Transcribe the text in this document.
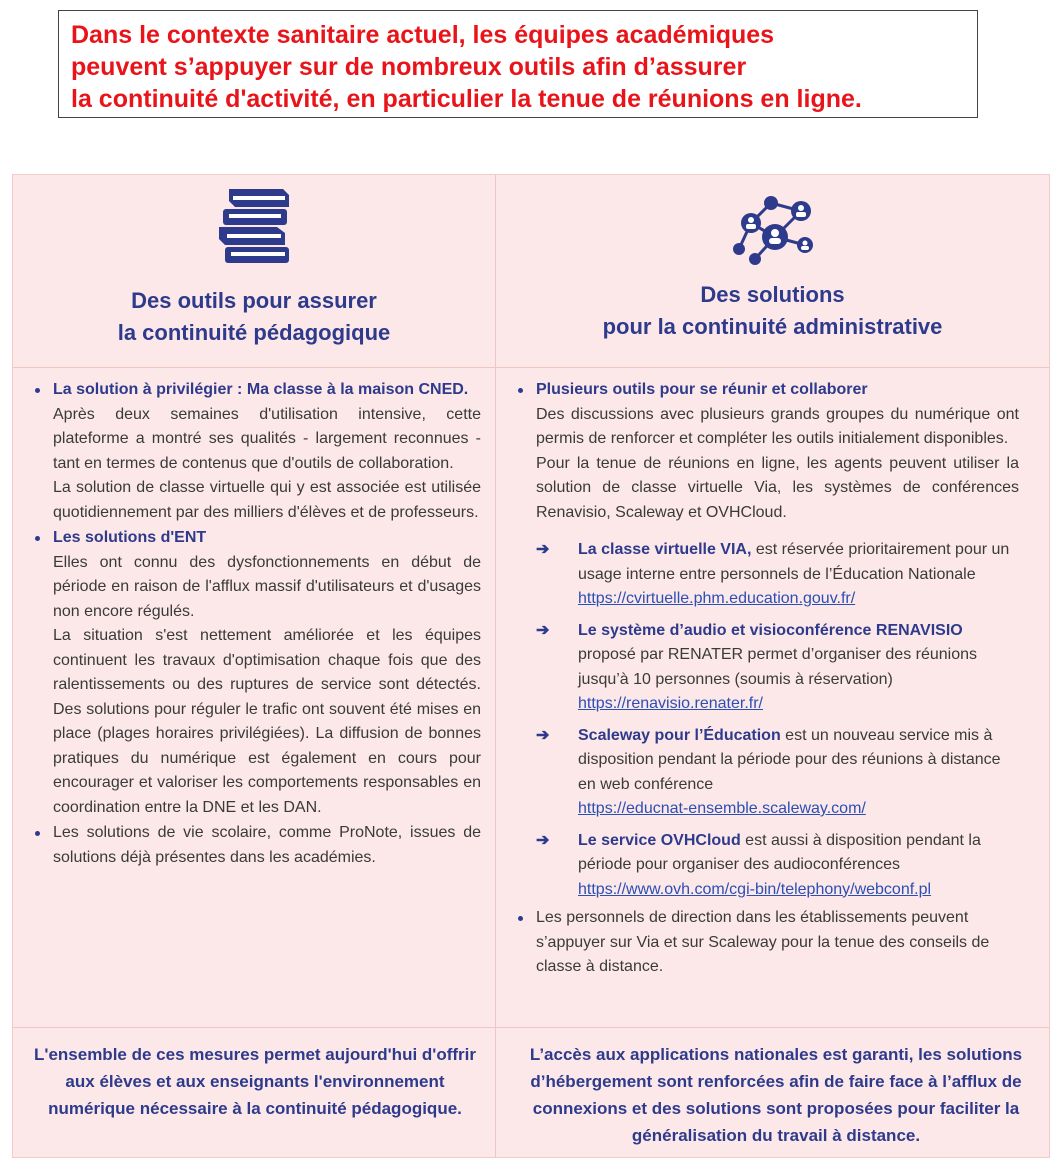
Dans le contexte sanitaire actuel, les équipes académiques
peuvent s’appuyer sur de nombreux outils afin d’assurer
la continuité d'activité, en particulier la tenue de réunions en ligne.
Des outils pour assurer
la continuité pédagogique
Des solutions
pour la continuité administrative
La solution à privilégier : Ma classe à la maison CNED.
Après deux semaines d'utilisation intensive, cette plateforme a montré ses qualités - largement reconnues - tant en termes de contenus que d'outils de collaboration.
La solution de classe virtuelle qui y est associée est utilisée quotidiennement par des milliers d'élèves et de professeurs.
Les solutions d'ENT
Elles ont connu des dysfonctionnements en début de période en raison de l'afflux massif d'utilisateurs et d'usages non encore régulés.
La situation s'est nettement améliorée et les équipes continuent les travaux d'optimisation chaque fois que des ralentissements ou des ruptures de service sont détectés. Des solutions pour réguler le trafic ont souvent été mises en place (plages horaires privilégiées). La diffusion de bonnes pratiques du numérique est également en cours pour encourager et valoriser les comportements responsables en coordination entre la DNE et les DAN.
Les solutions de vie scolaire, comme ProNote, issues de solutions déjà présentes dans les académies.
Plusieurs outils pour se réunir et collaborer
Des discussions avec plusieurs grands groupes du numérique ont permis de renforcer et compléter les outils initialement disponibles.
Pour la tenue de réunions en ligne, les agents peuvent utiliser la solution de classe virtuelle Via, les systèmes de conférences Renavisio, Scaleway et OVHCloud.
➔ La classe virtuelle VIA, est réservée prioritairement pour un usage interne entre personnels de l’Éducation Nationale
https://cvirtuelle.phm.education.gouv.fr/
➔ Le système d’audio et visioconférence RENAVISIO proposé par RENATER permet d’organiser des réunions jusqu’à 10 personnes (soumis à réservation)
https://renavisio.renater.fr/
➔ Scaleway pour l’Éducation est un nouveau service mis à disposition pendant la période pour des réunions à distance en web conférence
https://educnat-ensemble.scaleway.com/
➔ Le service OVHCloud est aussi à disposition pendant la période pour organiser des audioconférences
https://www.ovh.com/cgi-bin/telephony/webconf.pl
Les personnels de direction dans les établissements peuvent s’appuyer sur Via et sur Scaleway pour la tenue des conseils de classe à distance.
L'ensemble de ces mesures permet aujourd'hui d'offrir aux élèves et aux enseignants l'environnement numérique nécessaire à la continuité pédagogique.
L’accès aux applications nationales est garanti, les solutions d’hébergement sont renforcées afin de faire face à l’afflux de connexions et des solutions sont proposées pour faciliter la généralisation du travail à distance.
